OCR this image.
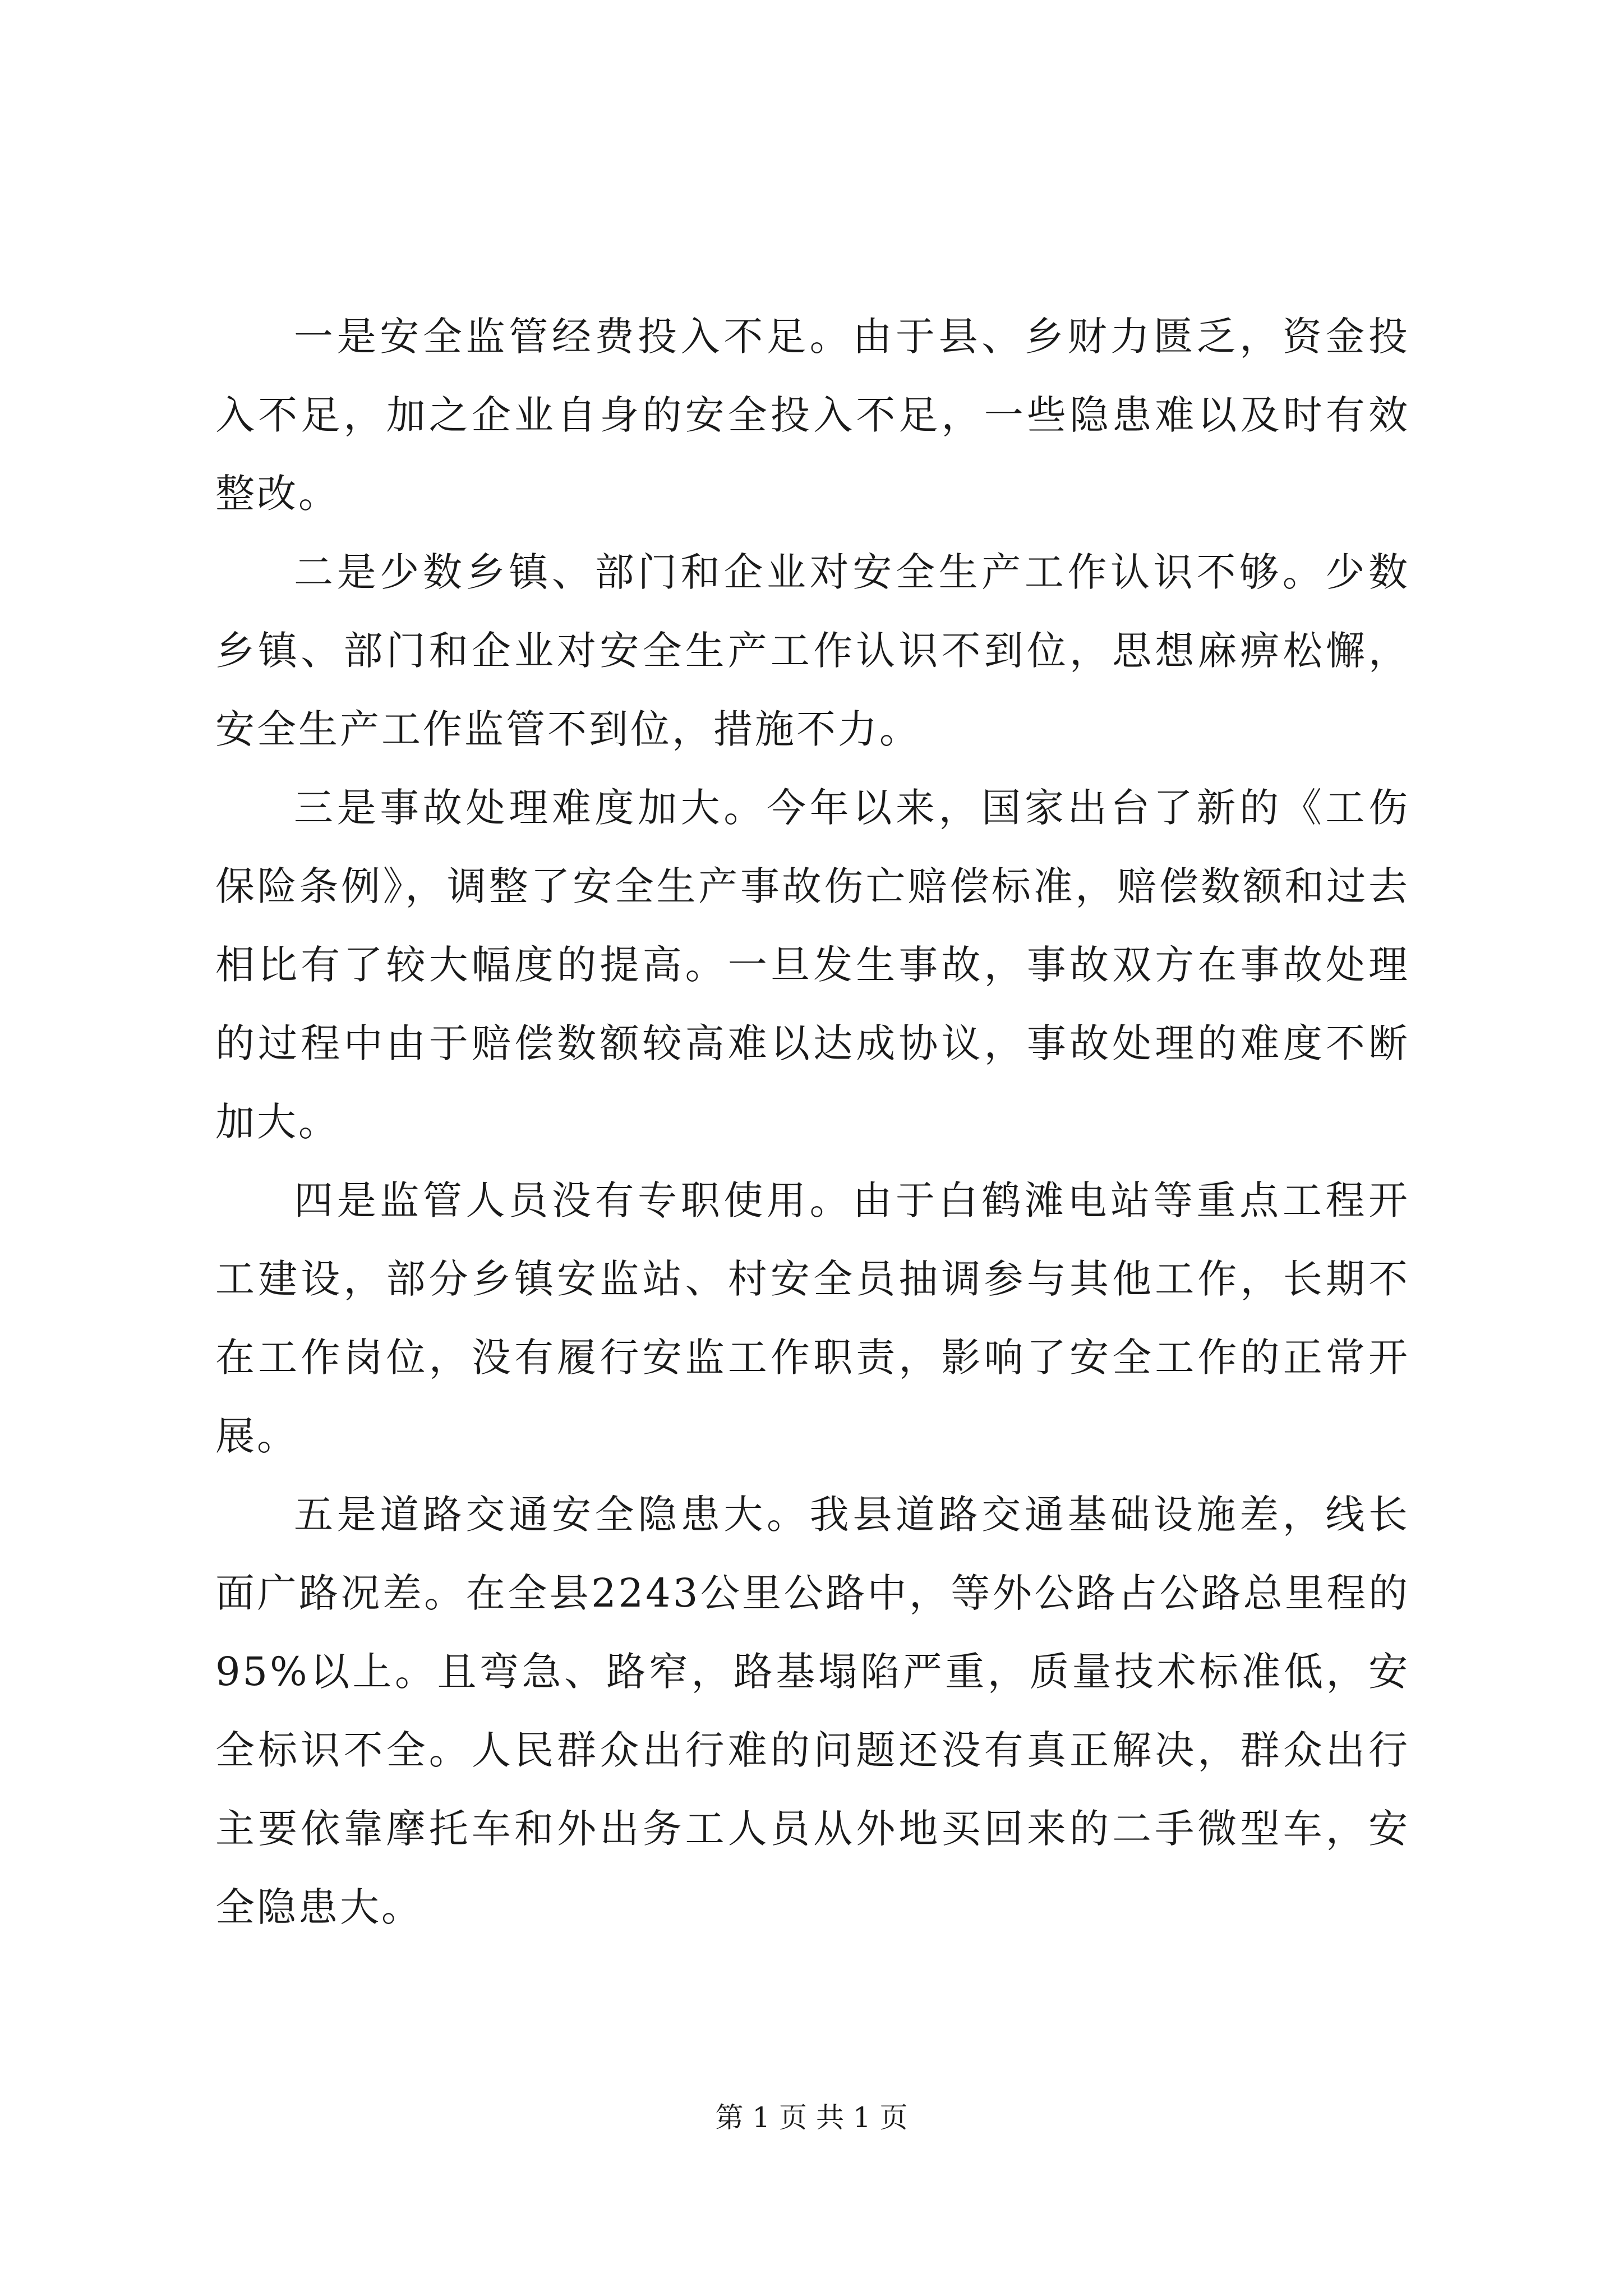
一是安全监管经费投入不足。由于县、乡财力匮乏，资金投入不足，加之企业自身的安全投入不足，一些隐患难以及时有效整改。

二是少数乡镇、部门和企业对安全生产工作认识不够。少数乡镇、部门和企业对安全生产工作认识不到位，思想麻痹松懈，安全生产工作监管不到位，措施不力。

三是事故处理难度加大。今年以来，国家出台了新的《工伤保险条例》，调整了安全生产事故伤亡赔偿标准，赔偿数额和过去相比有了较大幅度的提高。一旦发生事故，事故双方在事故处理的过程中由于赔偿数额较高难以达成协议，事故处理的难度不断加大。

四是监管人员没有专职使用。由于白鹤滩电站等重点工程开工建设，部分乡镇安监站、村安全员抽调参与其他工作，长期不在工作岗位，没有履行安监工作职责，影响了安全工作的正常开展。

五是道路交通安全隐患大。我县道路交通基础设施差，线长面广路况差。在全县2243公里公路中，等外公路占公路总里程的95%以上。且弯急、路窄，路基塌陷严重，质量技术标准低，安全标识不全。人民群众出行难的问题还没有真正解决，群众出行主要依靠摩托车和外出务工人员从外地买回来的二手微型车，安全隐患大。

第 1 页 共 1 页
